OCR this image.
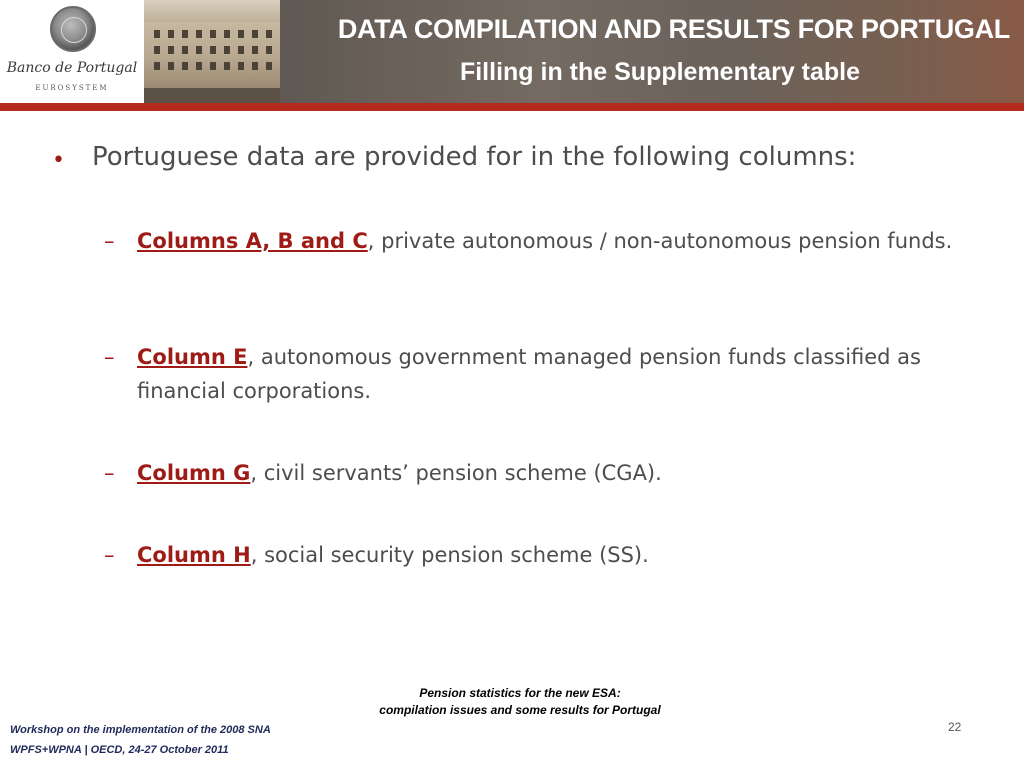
Banco de Portugal
EUROSYSTEM
DATA COMPILATION AND RESULTS FOR PORTUGAL
Filling in the Supplementary table
• Portuguese data are provided for in the following columns:
– Columns A, B and C, private autonomous / non-autonomous pension funds.
– Column E, autonomous government managed pension funds classified as financial corporations.
– Column G, civil servants’ pension scheme (CGA).
– Column H, social security pension scheme (SS).
Pension statistics for the new ESA:
compilation issues and some results for Portugal
Workshop on the implementation of the 2008 SNA
WPFS+WPNA | OECD, 24-27 October 2011
22
